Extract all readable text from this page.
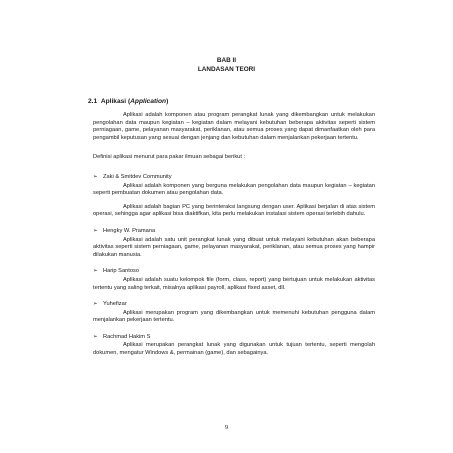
BAB II
LANDASAN TEORI
2.1 Aplikasi (Application)

Aplikasi adalah komponen atau program perangkat lunak yang dikembangkan untuk melakukan pengolahan data maupun kegiatan – kegiatan dalam melayani kebutuhan beberapa aktivitas seperti sistem perniagaan, game, pelayanan masyarakat, periklanan, atau semua proses yang dapat dimanfaatkan oleh para pengambil keputusan yang sesuai dengan jenjang dan kebutuhan dalam menjalankan pekerjaan tertentu.

Definisi aplikasi menurut para pakar ilmuan sebagai berikut :

➢ Zaki & Smitdev Community

Aplikasi adalah komponen yang berguna melakukan pengolahan data maupun kegiatan – kegiatan seperti pembuatan dokumen atau pengolahan data.

Aplikasi adalah bagian PC yang berinteraksi langsung dengan user. Aplikasi berjalan di atas sistem operasi, sehingga agar aplikasi bisa diaktifkan, kita perlu melakukan instalasi sistem operasi terlebih dahulu.

➢ Hengky W. Pramana

Aplikasi adalah satu unit perangkat lunak yang dibuat untuk melayani kebutuhan akan beberapa aktivitas seperti sistem perniagaan, game, pelayanan masyarakat, periklanan, atau semua proses yang hampir dilakukan manusia.

➢ Harip Santoso

Aplikasi adalah suatu kelompok file (form, class, report) yang bertujuan untuk melakukan aktivitas tertentu yang saling terkait, misalnya aplikasi payroll, aplikasi fixed asset, dll.

➢ Yuhefizar

Aplikasi merupakan program yang dikembangkan untuk memenuhi kebutuhan pengguna dalam menjalankan pekerjaan tertentu.

➢ Rachmad Hakim S

Aplikasi merupakan perangkat lunak yang digunakan untuk tujuan tertentu, seperti mengolah dokumen, mengatur Windows &, permainan (game), dan sebagainya.

9
